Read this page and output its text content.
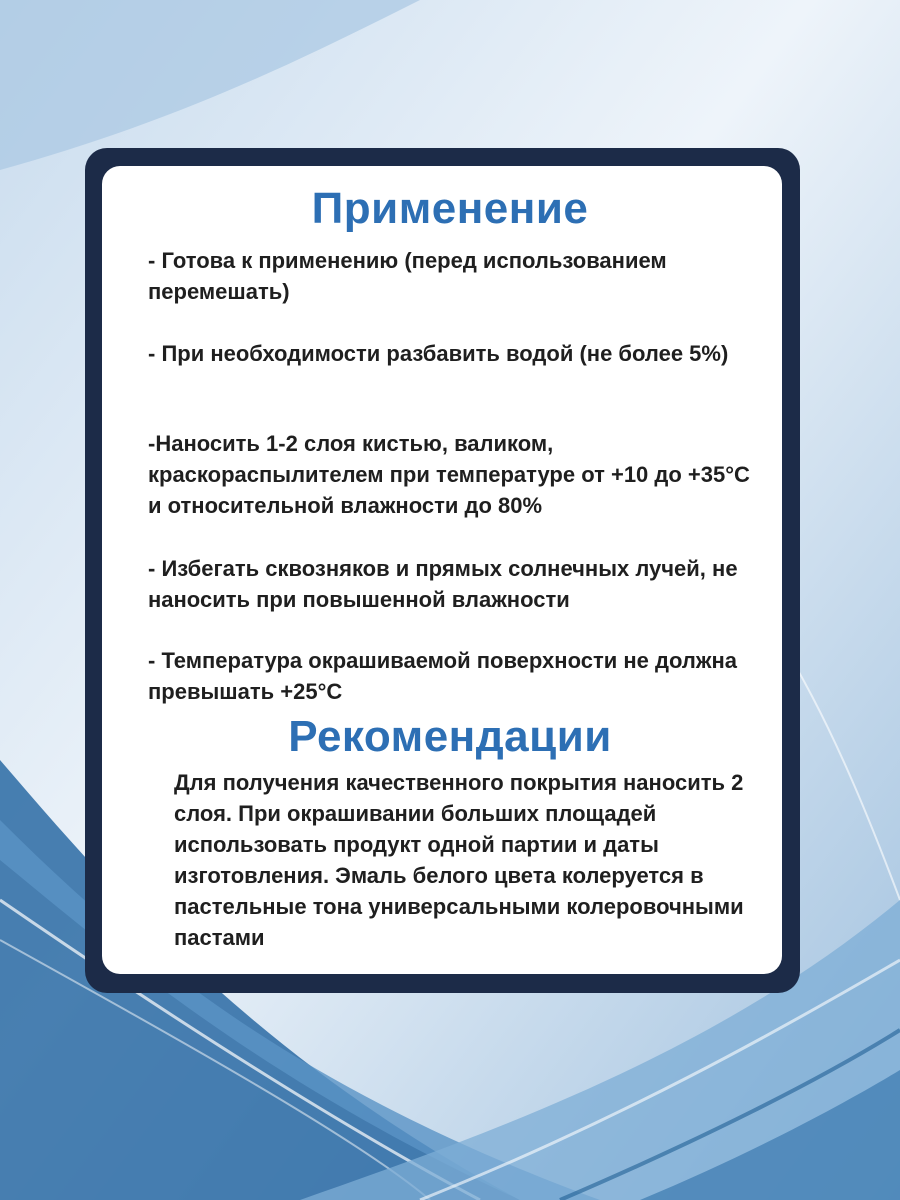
Применение
- Готова к применению (перед использованием перемешать)
- При необходимости разбавить водой (не более 5%)
-Наносить 1-2 слоя кистью, валиком, краскораспылителем при температуре от +10 до +35°С и относительной влажности до 80%
- Избегать сквозняков и прямых солнечных лучей, не наносить при повышенной влажности
- Температура окрашиваемой поверхности не должна превышать +25°С
Рекомендации
Для получения качественного покрытия наносить 2 слоя. При окрашивании больших площадей использовать продукт одной партии и даты изготовления. Эмаль белого цвета колеруется в пастельные тона универсальными колеровочными пастами
